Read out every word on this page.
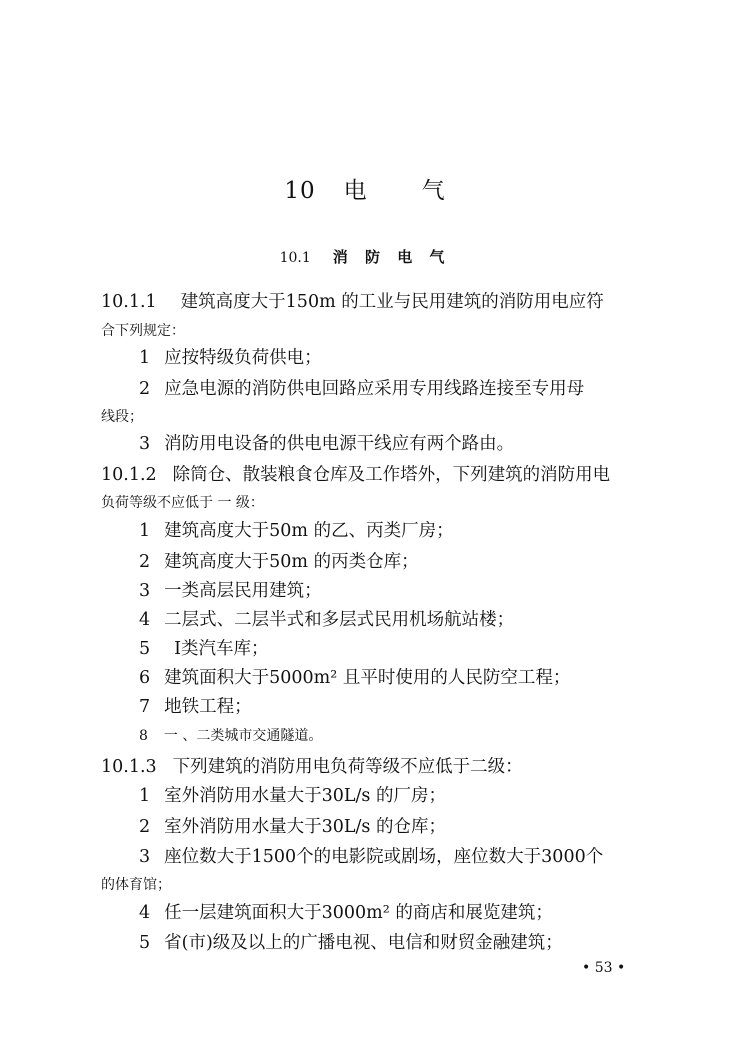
10 电 气
10.1 消 防 电 气
10.1.1 建筑高度大于150m 的工业与民用建筑的消防用电应符
合下列规定：
1 应按特级负荷供电；
2 应急电源的消防供电回路应采用专用线路连接至专用母
线段；
3 消防用电设备的供电电源干线应有两个路由。
10.1.2 除筒仓、散装粮食仓库及工作塔外，下列建筑的消防用电
负荷等级不应低于 一 级：
1 建筑高度大于50m 的乙、丙类厂房；
2 建筑高度大于50m 的丙类仓库；
3 一类高层民用建筑；
4 二层式、二层半式和多层式民用机场航站楼；
5 I类汽车库；
6 建筑面积大于5000m² 且平时使用的人民防空工程；
7 地铁工程；
8 一 、二类城市交通隧道。
10.1.3 下列建筑的消防用电负荷等级不应低于二级：
1 室外消防用水量大于30L/s 的厂房；
2 室外消防用水量大于30L/s 的仓库；
3 座位数大于1500个的电影院或剧场，座位数大于3000个
的体育馆；
4 任一层建筑面积大于3000m² 的商店和展览建筑；
5 省(市)级及以上的广播电视、电信和财贸金融建筑；
• 53 •
